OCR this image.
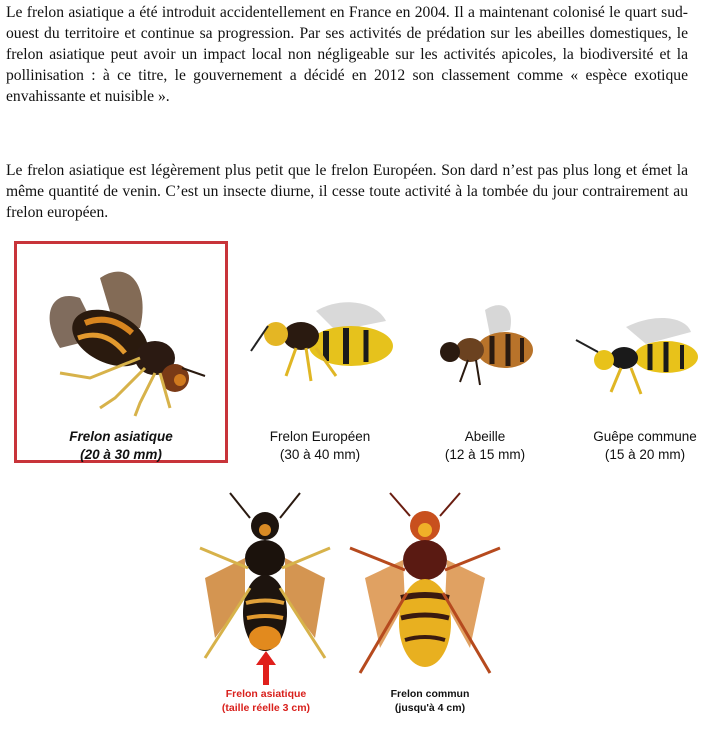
Le frelon asiatique a été introduit accidentellement en France en 2004. Il a maintenant colonisé le quart sud-ouest du territoire et continue sa progression. Par ses activités de prédation sur les abeilles domestiques, le frelon asiatique peut avoir un impact local non négligeable sur les activités apicoles, la biodiversité et la pollinisation : à ce titre, le gouvernement a décidé en 2012 son classement comme « espèce exotique envahissante et nuisible ».

Le frelon asiatique est légèrement plus petit que le frelon Européen. Son dard n’est pas plus long et émet la même quantité de venin. C’est un insecte diurne, il cesse toute activité à la tombée du jour contrairement au frelon européen.

Frelon asiatique
(20 à 30 mm)
Frelon Européen
(30 à 40 mm)
Abeille
(12 à 15 mm)
Guêpe commune
(15 à 20 mm)
Frelon asiatique
(taille réelle 3 cm)
Frelon commun
(jusqu'à 4 cm)
